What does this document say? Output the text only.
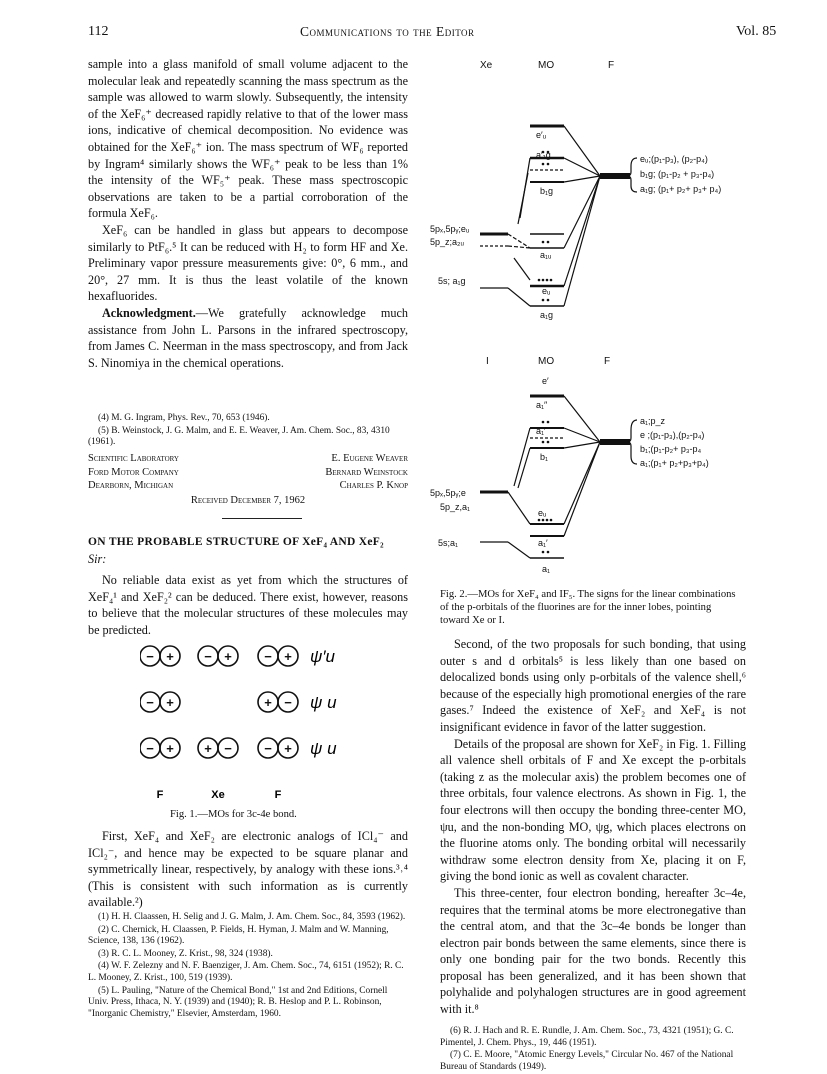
112	Communications to the Editor	Vol. 85

sample into a glass manifold of small volume adjacent to the molecular leak and repeatedly scanning the mass spectrum as the sample was allowed to warm slowly. Subsequently, the intensity of the XeF₆⁺ decreased rapidly relative to that of the lower mass ions, indicative of chemical decomposition. No evidence was obtained for the XeF₆⁺ ion. The mass spectrum of WF₆ reported by Ingram⁴ similarly shows the WF₆⁺ peak to be less than 1% the intensity of the WF₅⁺ peak. These mass spectroscopic observations are taken to be a partial corroboration of the formula XeF₆.

XeF₆ can be handled in glass but appears to decompose similarly to PtF₆.⁵ It can be reduced with H₂ to form HF and Xe. Preliminary vapor pressure measurements give: 0°, 6 mm., and 20°, 27 mm. It is thus the least volatile of the known hexafluorides.

Acknowledgment.—We gratefully acknowledge much assistance from John L. Parsons in the infrared spectroscopy, from James C. Neerman in the mass spectroscopy, and from Jack S. Ninomiya in the chemical operations.

(4) M. G. Ingram, Phys. Rev., 70, 653 (1946).

(5) B. Weinstock, J. G. Malm, and E. E. Weaver, J. Am. Chem. Soc., 83, 4310 (1961).

Scientific Laboratory	E. Eugene Weaver
Ford Motor Company	Bernard Weinstock
Dearborn, Michigan	Charles P. Knop
Received December 7, 1962
ON THE PROBABLE STRUCTURE OF XeF₄ AND XeF₂
Sir:

No reliable data exist as yet from which the structures of XeF₄¹ and XeF₂² can be deduced. There exist, however, reasons to believe that the molecular structures of these molecules may be predicted.

− + − + − +
− +	+ −
− + + − − +
ψ′u
ψ u
ψ u
F	Xe	F
Fig. 1.—MOs for 3c-4e bond.

First, XeF₄ and XeF₂ are electronic analogs of ICl₄⁻ and ICl₂⁻, and hence may be expected to be square planar and symmetrically linear, respectively, by analogy with these ions.³˒⁴ (This is consistent with such information as is currently available.²)

(1) H. H. Claassen, H. Selig and J. G. Malm, J. Am. Chem. Soc., 84, 3593 (1962).

(2) C. Chernick, H. Claassen, P. Fields, H. Hyman, J. Malm and W. Manning, Science, 138, 136 (1962).

(3) R. C. L. Mooney, Z. Krist., 98, 324 (1938).

(4) W. F. Zelezny and N. F. Baenziger, J. Am. Chem. Soc., 74, 6151 (1952); R. C. L. Mooney, Z. Krist., 100, 519 (1939).

(5) L. Pauling, "Nature of the Chemical Bond," 1st and 2nd Editions, Cornell Univ. Press, Ithaca, N. Y. (1939) and (1940); R. B. Heslop and P. L. Robinson, "Inorganic Chemistry," Elsevier, Amsterdam, 1960.

Xe	MO	F
e′ᵤ
a′₁g
b₁g
a₁ᵤ
eᵤ
a₁g
5pₓ,5pᵧ;eᵤ
5p_z;a₂ᵤ
5s; a₁g
eᵤ;(p₁-p₃), (p₂-p₄)
b₁g; (p₁-p₂ + p₃-p₄)
a₁g; (p₁+ p₂+ p₃+ p₄)
I	MO	F
e′
a₁″
a₁′
b₁
eᵤ
a₁′
a₁
5pₓ,5pᵧ;e
5p_z,a₁
5s;a₁
a₁;p_z
e ;(p₁-p₃),(p₂-p₄)
b₁;(p₁-p₂+ p₃-p₄
a₁;(p₁+ p₂+p₃+p₄)
Fig. 2.—MOs for XeF₄ and IF₅. The signs for the linear combinations of the p-orbitals of the fluorines are for the inner lobes, pointing toward Xe or I.

Second, of the two proposals for such bonding, that using outer s and d orbitals⁵ is less likely than one based on delocalized bonds using only p-orbitals of the valence shell,⁶ because of the especially high promotional energies of the rare gases.⁷ Indeed the existence of XeF₂ and XeF₄ is not insignificant evidence in favor of the latter suggestion.

Details of the proposal are shown for XeF₂ in Fig. 1. Filling all valence shell orbitals of F and Xe except the p-orbitals (taking z as the molecular axis) the problem becomes one of three orbitals, four valence electrons. As shown in Fig. 1, the four electrons will then occupy the bonding three-center MO, ψu, and the non-bonding MO, ψg, which places electrons on the fluorine atoms only. The bonding orbital will necessarily withdraw some electron density from Xe, placing it on F, giving the bond ionic as well as covalent character.

This three-center, four electron bonding, hereafter 3c–4e, requires that the terminal atoms be more electronegative than the central atom, and that the 3c–4e bonds be longer than electron pair bonds between the same elements, since there is only one bonding pair for the two bonds. Recently this proposal has been generalized, and it has been shown that polyhalide and polyhalogen structures are in good agreement with it.⁸

(6) R. J. Hach and R. E. Rundle, J. Am. Chem. Soc., 73, 4321 (1951); G. C. Pimentel, J. Chem. Phys., 19, 446 (1951).

(7) C. E. Moore, "Atomic Energy Levels," Circular No. 467 of the National Bureau of Standards (1949).
